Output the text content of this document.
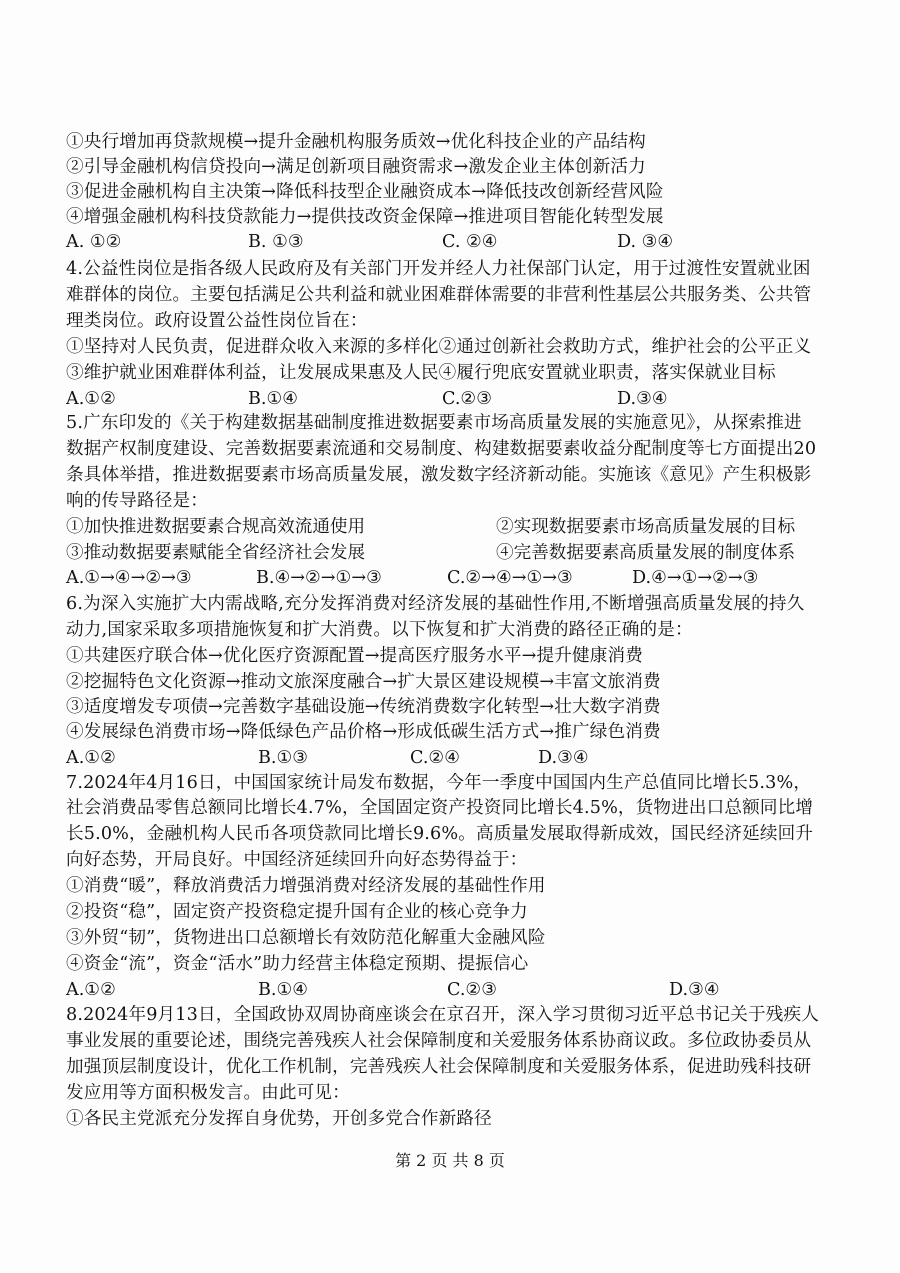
①央行增加再贷款规模→提升金融机构服务质效→优化科技企业的产品结构
②引导金融机构信贷投向→满足创新项目融资需求→激发企业主体创新活力
③促进金融机构自主决策→降低科技型企业融资成本→降低技改创新经营风险
④增强金融机构科技贷款能力→提供技改资金保障→推进项目智能化转型发展
A. ①②	B. ①③	C. ②④	D. ③④
4.公益性岗位是指各级人民政府及有关部门开发并经人力社保部门认定，用于过渡性安置就业困
难群体的岗位。主要包括满足公共利益和就业困难群体需要的非营利性基层公共服务类、公共管
理类岗位。政府设置公益性岗位旨在：
①坚持对人民负责，促进群众收入来源的多样化②通过创新社会救助方式，维护社会的公平正义
③维护就业困难群体利益，让发展成果惠及人民④履行兜底安置就业职责，落实保就业目标
A.①②	B.①④	C.②③	D.③④
5.广东印发的《关于构建数据基础制度推进数据要素市场高质量发展的实施意见》，从探索推进
数据产权制度建设、完善数据要素流通和交易制度、构建数据要素收益分配制度等七方面提出20
条具体举措，推进数据要素市场高质量发展，激发数字经济新动能。实施该《意见》产生积极影
响的传导路径是：
①加快推进数据要素合规高效流通使用	②实现数据要素市场高质量发展的目标
③推动数据要素赋能全省经济社会发展	④完善数据要素高质量发展的制度体系
A.①→④→②→③	B.④→②→①→③	C.②→④→①→③	D.④→①→②→③
6.为深入实施扩大内需战略,充分发挥消费对经济发展的基础性作用,不断增强高质量发展的持久
动力,国家采取多项措施恢复和扩大消费。以下恢复和扩大消费的路径正确的是：
①共建医疗联合体→优化医疗资源配置→提高医疗服务水平→提升健康消费
②挖掘特色文化资源→推动文旅深度融合→扩大景区建设规模→丰富文旅消费
③适度增发专项债→完善数字基础设施→传统消费数字化转型→壮大数字消费
④发展绿色消费市场→降低绿色产品价格→形成低碳生活方式→推广绿色消费
A.①②	B.①③	C.②④	D.③④
7.2024年4月16日，中国国家统计局发布数据，今年一季度中国国内生产总值同比增长5.3%，
社会消费品零售总额同比增长4.7%，全国固定资产投资同比增长4.5%，货物进出口总额同比增
长5.0%，金融机构人民币各项贷款同比增长9.6%。高质量发展取得新成效，国民经济延续回升
向好态势，开局良好。中国经济延续回升向好态势得益于：
①消费“暖”，释放消费活力增强消费对经济发展的基础性作用
②投资“稳”，固定资产投资稳定提升国有企业的核心竞争力
③外贸“韧”，货物进出口总额增长有效防范化解重大金融风险
④资金“流”，资金“活水”助力经营主体稳定预期、提振信心
A.①②	B.①④	C.②③	D.③④
8.2024年9月13日，全国政协双周协商座谈会在京召开，深入学习贯彻习近平总书记关于残疾人
事业发展的重要论述，围绕完善残疾人社会保障制度和关爱服务体系协商议政。多位政协委员从
加强顶层制度设计，优化工作机制，完善残疾人社会保障制度和关爱服务体系，促进助残科技研
发应用等方面积极发言。由此可见：
①各民主党派充分发挥自身优势，开创多党合作新路径
第 2 页 共 8 页
